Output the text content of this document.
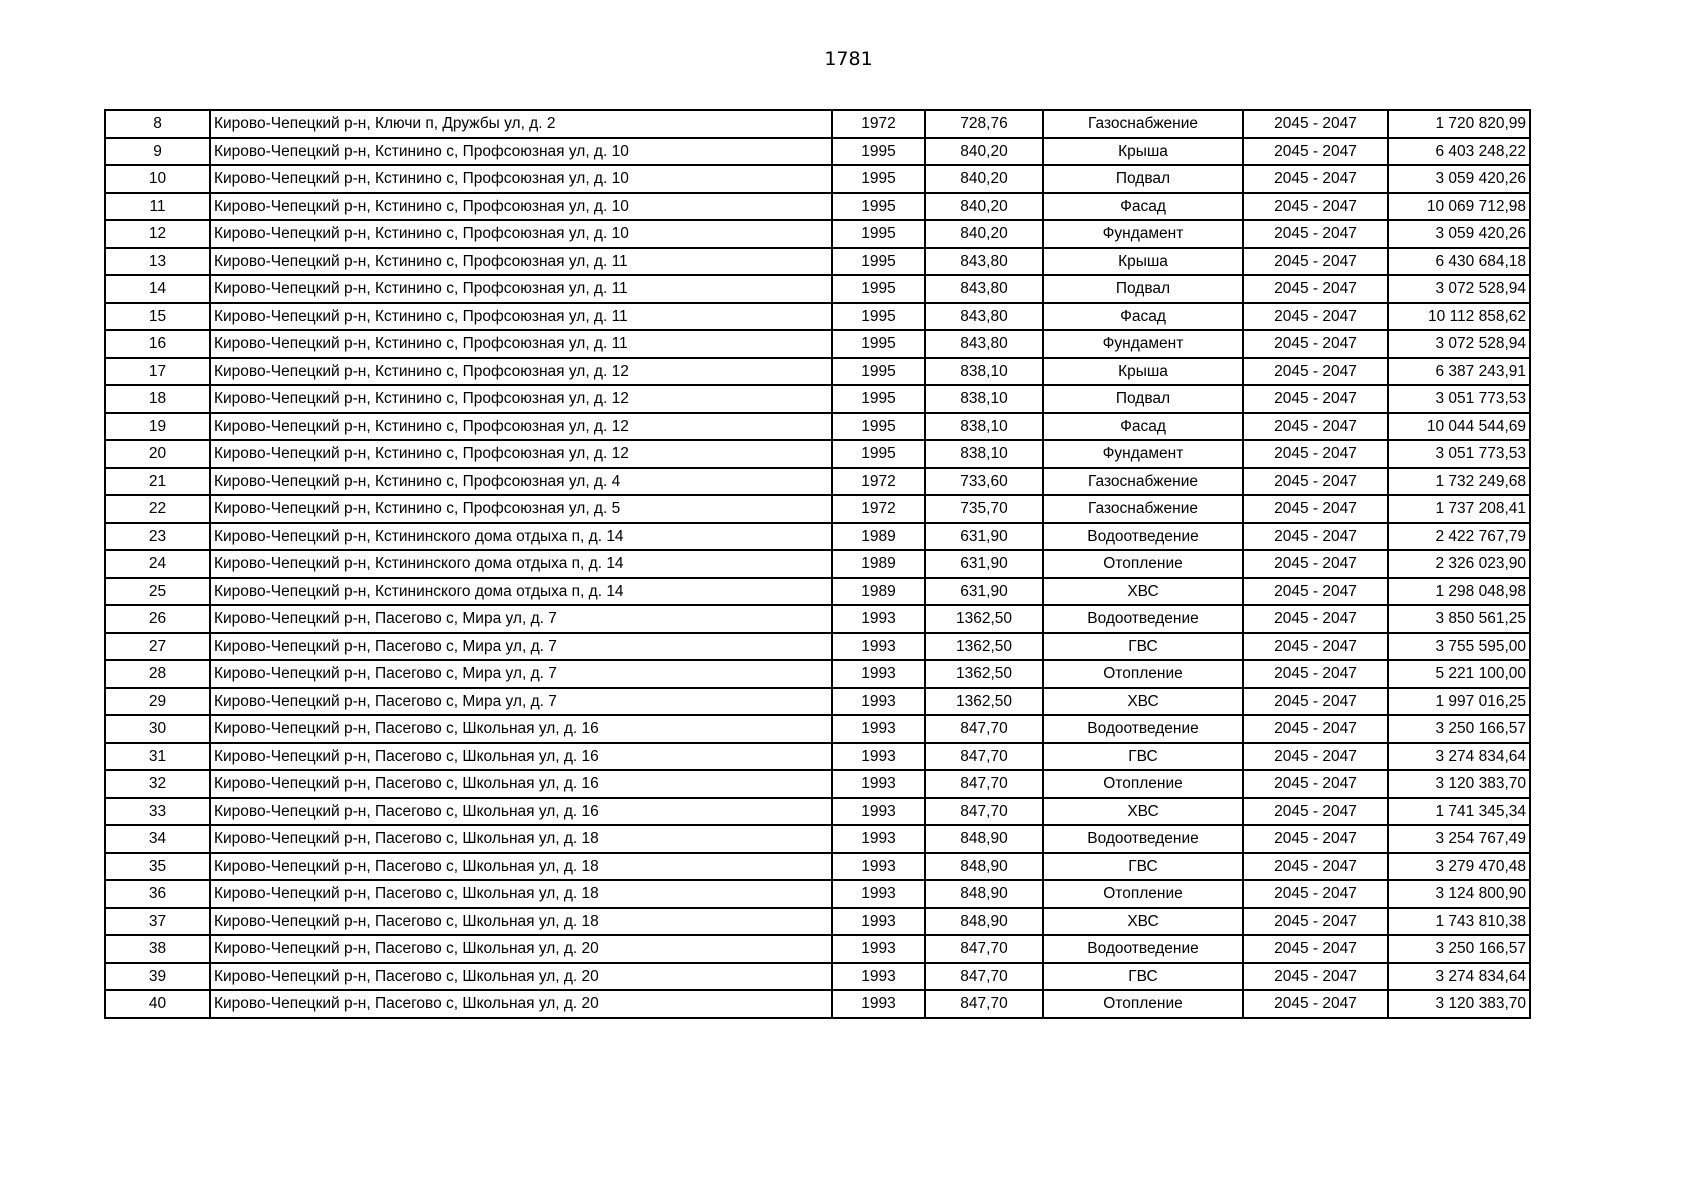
1781
8	Кирово-Чепецкий р-н, Ключи п, Дружбы ул, д. 2	1972	728,76	Газоснабжение	2045 - 2047	1 720 820,99
9	Кирово-Чепецкий р-н, Кстинино с, Профсоюзная ул, д. 10	1995	840,20	Крыша	2045 - 2047	6 403 248,22
10	Кирово-Чепецкий р-н, Кстинино с, Профсоюзная ул, д. 10	1995	840,20	Подвал	2045 - 2047	3 059 420,26
11	Кирово-Чепецкий р-н, Кстинино с, Профсоюзная ул, д. 10	1995	840,20	Фасад	2045 - 2047	10 069 712,98
12	Кирово-Чепецкий р-н, Кстинино с, Профсоюзная ул, д. 10	1995	840,20	Фундамент	2045 - 2047	3 059 420,26
13	Кирово-Чепецкий р-н, Кстинино с, Профсоюзная ул, д. 11	1995	843,80	Крыша	2045 - 2047	6 430 684,18
14	Кирово-Чепецкий р-н, Кстинино с, Профсоюзная ул, д. 11	1995	843,80	Подвал	2045 - 2047	3 072 528,94
15	Кирово-Чепецкий р-н, Кстинино с, Профсоюзная ул, д. 11	1995	843,80	Фасад	2045 - 2047	10 112 858,62
16	Кирово-Чепецкий р-н, Кстинино с, Профсоюзная ул, д. 11	1995	843,80	Фундамент	2045 - 2047	3 072 528,94
17	Кирово-Чепецкий р-н, Кстинино с, Профсоюзная ул, д. 12	1995	838,10	Крыша	2045 - 2047	6 387 243,91
18	Кирово-Чепецкий р-н, Кстинино с, Профсоюзная ул, д. 12	1995	838,10	Подвал	2045 - 2047	3 051 773,53
19	Кирово-Чепецкий р-н, Кстинино с, Профсоюзная ул, д. 12	1995	838,10	Фасад	2045 - 2047	10 044 544,69
20	Кирово-Чепецкий р-н, Кстинино с, Профсоюзная ул, д. 12	1995	838,10	Фундамент	2045 - 2047	3 051 773,53
21	Кирово-Чепецкий р-н, Кстинино с, Профсоюзная ул, д. 4	1972	733,60	Газоснабжение	2045 - 2047	1 732 249,68
22	Кирово-Чепецкий р-н, Кстинино с, Профсоюзная ул, д. 5	1972	735,70	Газоснабжение	2045 - 2047	1 737 208,41
23	Кирово-Чепецкий р-н, Кстининского дома отдыха п, д. 14	1989	631,90	Водоотведение	2045 - 2047	2 422 767,79
24	Кирово-Чепецкий р-н, Кстининского дома отдыха п, д. 14	1989	631,90	Отопление	2045 - 2047	2 326 023,90
25	Кирово-Чепецкий р-н, Кстининского дома отдыха п, д. 14	1989	631,90	ХВС	2045 - 2047	1 298 048,98
26	Кирово-Чепецкий р-н, Пасегово с, Мира ул, д. 7	1993	1362,50	Водоотведение	2045 - 2047	3 850 561,25
27	Кирово-Чепецкий р-н, Пасегово с, Мира ул, д. 7	1993	1362,50	ГВС	2045 - 2047	3 755 595,00
28	Кирово-Чепецкий р-н, Пасегово с, Мира ул, д. 7	1993	1362,50	Отопление	2045 - 2047	5 221 100,00
29	Кирово-Чепецкий р-н, Пасегово с, Мира ул, д. 7	1993	1362,50	ХВС	2045 - 2047	1 997 016,25
30	Кирово-Чепецкий р-н, Пасегово с, Школьная ул, д. 16	1993	847,70	Водоотведение	2045 - 2047	3 250 166,57
31	Кирово-Чепецкий р-н, Пасегово с, Школьная ул, д. 16	1993	847,70	ГВС	2045 - 2047	3 274 834,64
32	Кирово-Чепецкий р-н, Пасегово с, Школьная ул, д. 16	1993	847,70	Отопление	2045 - 2047	3 120 383,70
33	Кирово-Чепецкий р-н, Пасегово с, Школьная ул, д. 16	1993	847,70	ХВС	2045 - 2047	1 741 345,34
34	Кирово-Чепецкий р-н, Пасегово с, Школьная ул, д. 18	1993	848,90	Водоотведение	2045 - 2047	3 254 767,49
35	Кирово-Чепецкий р-н, Пасегово с, Школьная ул, д. 18	1993	848,90	ГВС	2045 - 2047	3 279 470,48
36	Кирово-Чепецкий р-н, Пасегово с, Школьная ул, д. 18	1993	848,90	Отопление	2045 - 2047	3 124 800,90
37	Кирово-Чепецкий р-н, Пасегово с, Школьная ул, д. 18	1993	848,90	ХВС	2045 - 2047	1 743 810,38
38	Кирово-Чепецкий р-н, Пасегово с, Школьная ул, д. 20	1993	847,70	Водоотведение	2045 - 2047	3 250 166,57
39	Кирово-Чепецкий р-н, Пасегово с, Школьная ул, д. 20	1993	847,70	ГВС	2045 - 2047	3 274 834,64
40	Кирово-Чепецкий р-н, Пасегово с, Школьная ул, д. 20	1993	847,70	Отопление	2045 - 2047	3 120 383,70
